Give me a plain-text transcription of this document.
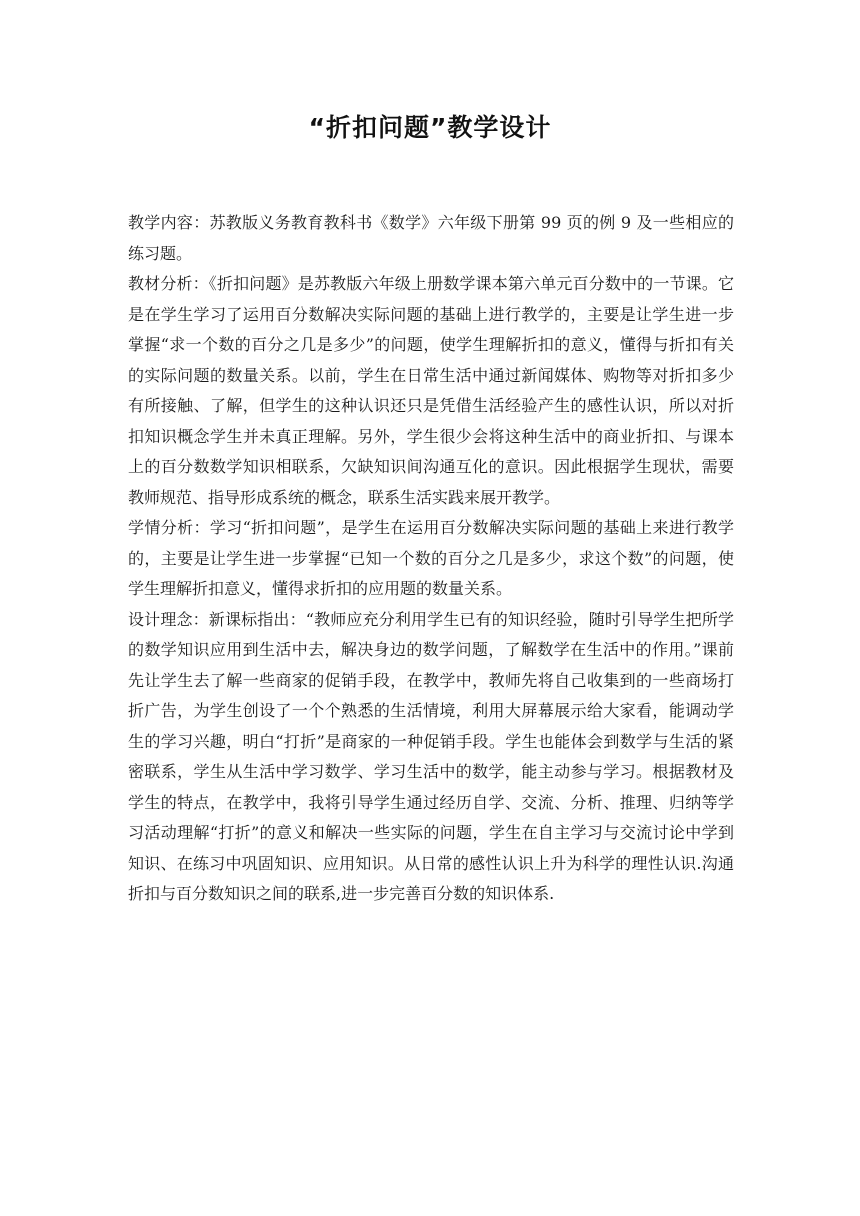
“折扣问题”教学设计

教学内容：苏教版义务教育教科书《数学》六年级下册第 99 页的例 9 及一些相应的练习题。

教材分析：《折扣问题》是苏教版六年级上册数学课本第六单元百分数中的一节课。它是在学生学习了运用百分数解决实际问题的基础上进行教学的，主要是让学生进一步掌握“求一个数的百分之几是多少”的问题，使学生理解折扣的意义，懂得与折扣有关的实际问题的数量关系。以前，学生在日常生活中通过新闻媒体、购物等对折扣多少有所接触、了解，但学生的这种认识还只是凭借生活经验产生的感性认识，所以对折扣知识概念学生并未真正理解。另外，学生很少会将这种生活中的商业折扣、与课本上的百分数数学知识相联系，欠缺知识间沟通互化的意识。因此根据学生现状，需要教师规范、指导形成系统的概念，联系生活实践来展开教学。

学情分析：学习“折扣问题”，是学生在运用百分数解决实际问题的基础上来进行教学的，主要是让学生进一步掌握“已知一个数的百分之几是多少，求这个数”的问题，使学生理解折扣意义，懂得求折扣的应用题的数量关系。

设计理念：新课标指出：“教师应充分利用学生已有的知识经验，随时引导学生把所学的数学知识应用到生活中去，解决身边的数学问题，了解数学在生活中的作用。”课前先让学生去了解一些商家的促销手段，在教学中，教师先将自己收集到的一些商场打折广告，为学生创设了一个个熟悉的生活情境，利用大屏幕展示给大家看，能调动学生的学习兴趣，明白“打折”是商家的一种促销手段。学生也能体会到数学与生活的紧密联系，学生从生活中学习数学、学习生活中的数学，能主动参与学习。根据教材及学生的特点，在教学中，我将引导学生通过经历自学、交流、分析、推理、归纳等学习活动理解“打折”的意义和解决一些实际的问题，学生在自主学习与交流讨论中学到知识、在练习中巩固知识、应用知识。从日常的感性认识上升为科学的理性认识.沟通折扣与百分数知识之间的联系,进一步完善百分数的知识体系.
